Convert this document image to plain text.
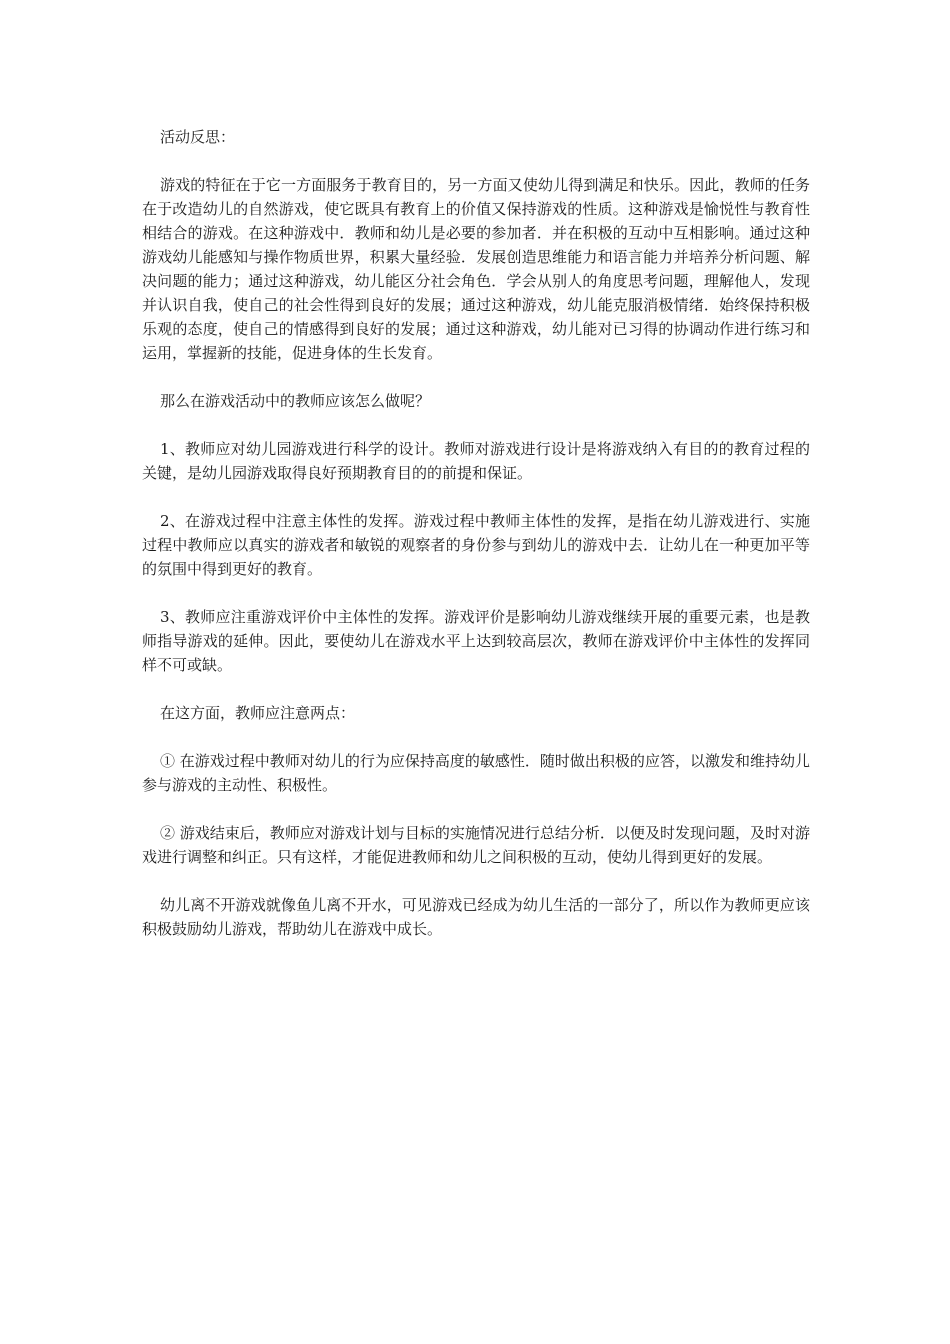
活动反思：

游戏的特征在于它一方面服务于教育目的，另一方面又使幼儿得到满足和快乐。因此，教师的任务在于改造幼儿的自然游戏，使它既具有教育上的价值又保持游戏的性质。这种游戏是愉悦性与教育性相结合的游戏。在这种游戏中．教师和幼儿是必要的参加者．并在积极的互动中互相影响。通过这种游戏幼儿能感知与操作物质世界，积累大量经验．发展创造思维能力和语言能力并培养分析问题、解决问题的能力；通过这种游戏，幼儿能区分社会角色．学会从别人的角度思考问题，理解他人，发现并认识自我，使自己的社会性得到良好的发展；通过这种游戏，幼儿能克服消极情绪．始终保持积极乐观的态度，使自己的情感得到良好的发展；通过这种游戏，幼儿能对已习得的协调动作进行练习和运用，掌握新的技能，促进身体的生长发育。

那么在游戏活动中的教师应该怎么做呢？

1、教师应对幼儿园游戏进行科学的设计。教师对游戏进行设计是将游戏纳入有目的的教育过程的关键，是幼儿园游戏取得良好预期教育目的的前提和保证。

2、在游戏过程中注意主体性的发挥。游戏过程中教师主体性的发挥，是指在幼儿游戏进行、实施过程中教师应以真实的游戏者和敏锐的观察者的身份参与到幼儿的游戏中去．让幼儿在一种更加平等的氛围中得到更好的教育。

3、教师应注重游戏评价中主体性的发挥。游戏评价是影响幼儿游戏继续开展的重要元素，也是教师指导游戏的延伸。因此，要使幼儿在游戏水平上达到较高层次，教师在游戏评价中主体性的发挥同样不可或缺。

在这方面，教师应注意两点：

① 在游戏过程中教师对幼儿的行为应保持高度的敏感性．随时做出积极的应答，以激发和维持幼儿参与游戏的主动性、积极性。

② 游戏结束后，教师应对游戏计划与目标的实施情况进行总结分析．以便及时发现问题，及时对游戏进行调整和纠正。只有这样，才能促进教师和幼儿之间积极的互动，使幼儿得到更好的发展。

幼儿离不开游戏就像鱼儿离不开水，可见游戏已经成为幼儿生活的一部分了，所以作为教师更应该积极鼓励幼儿游戏，帮助幼儿在游戏中成长。
